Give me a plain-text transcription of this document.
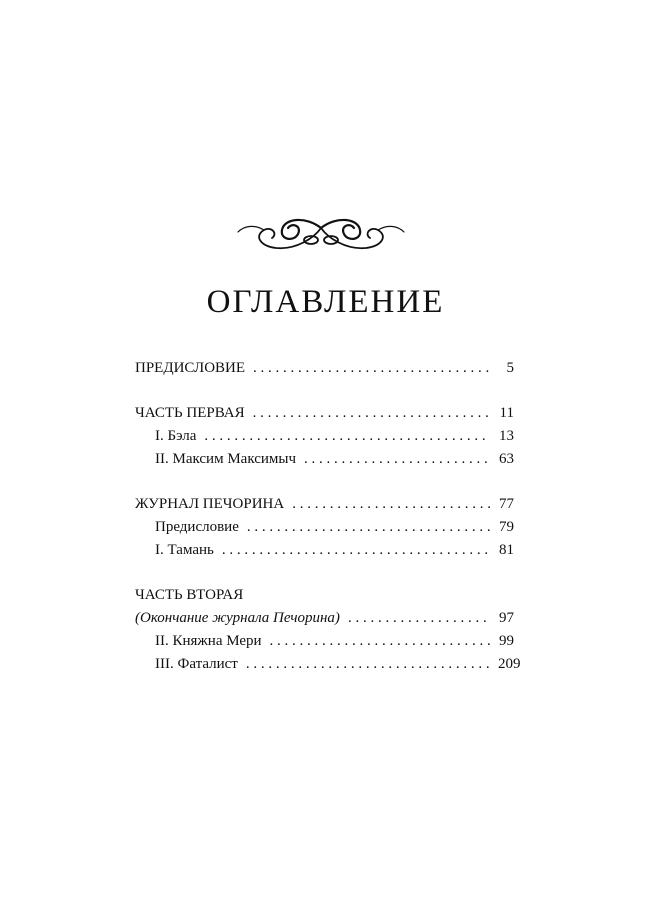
ОГЛАВЛЕНИЕ
ПРЕДИСЛОВИЕ . . .	5
ЧАСТЬ ПЕРВАЯ . . .	11
I. Бэла . . .	13
II. Максим Максимыч . . .	63
ЖУРНАЛ ПЕЧОРИНА . . .	77
Предисловие . . .	79
I. Тамань . . .	81
ЧАСТЬ ВТОРАЯ
(Окончание журнала Печорина) . . .	97
II. Княжна Мери . . .	99
III. Фаталист . . .	209
